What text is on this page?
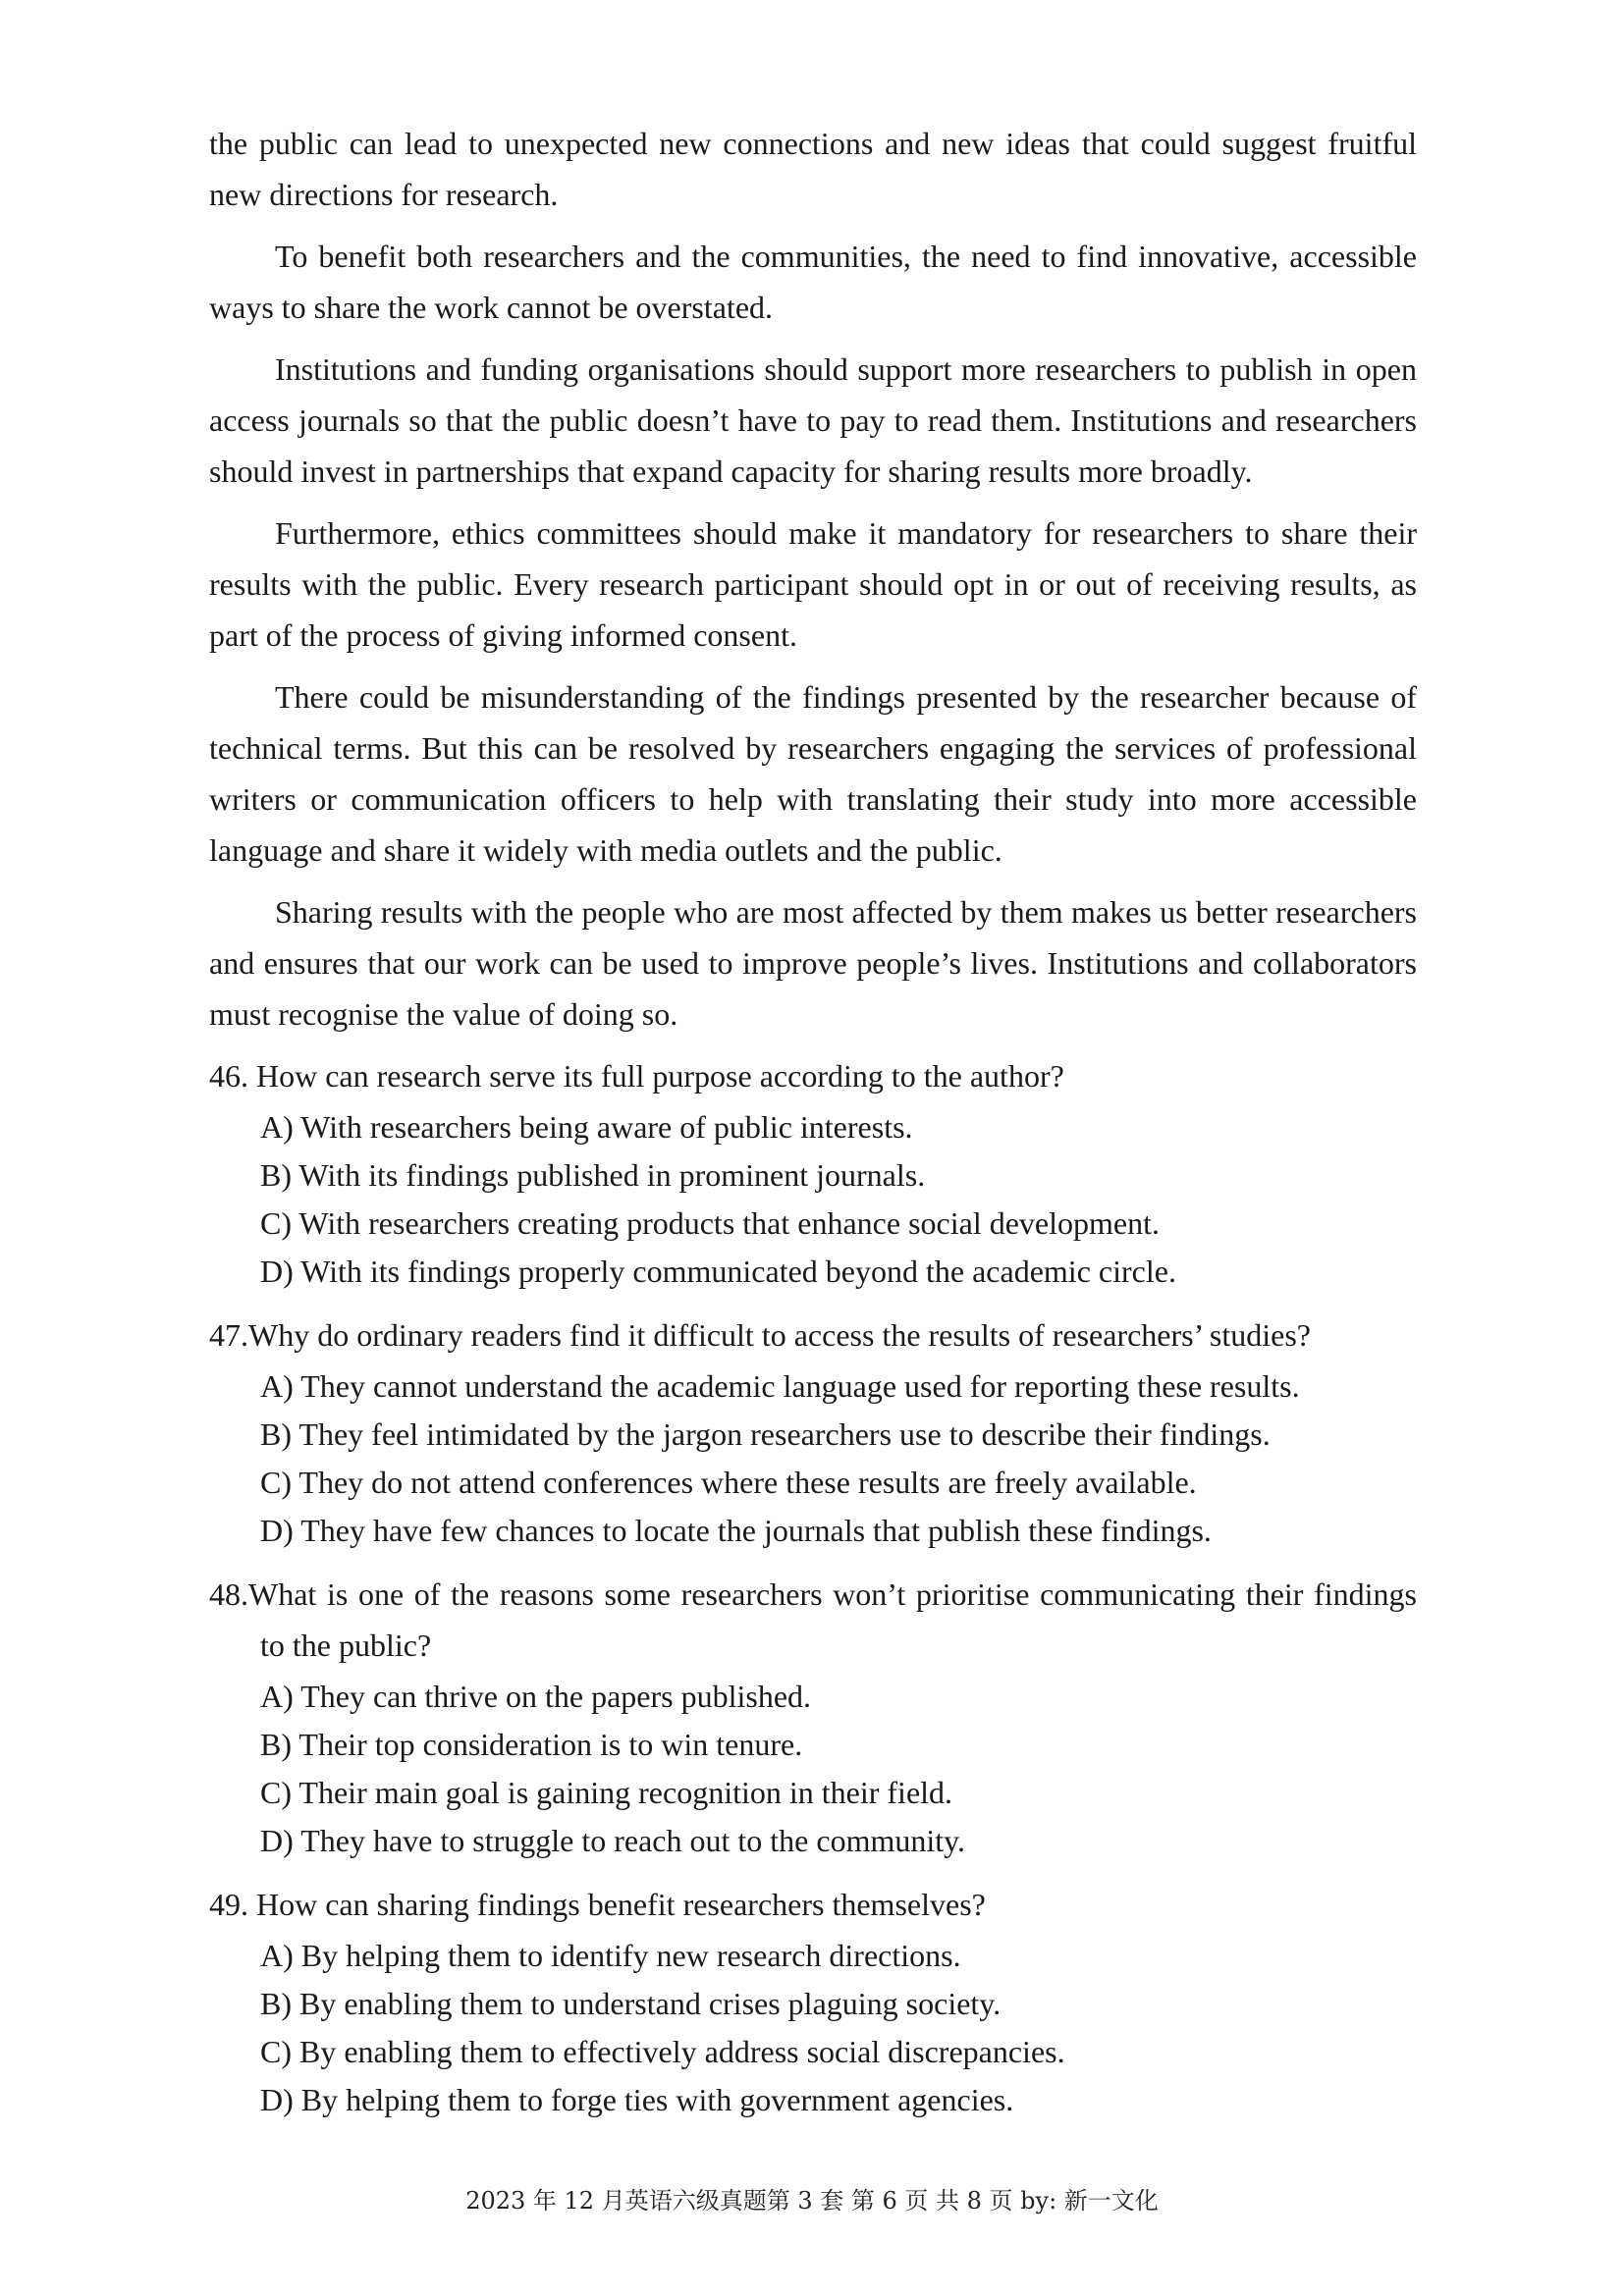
the public can lead to unexpected new connections and new ideas that could suggest fruitful new directions for research.

To benefit both researchers and the communities, the need to find innovative, accessible ways to share the work cannot be overstated.

Institutions and funding organisations should support more researchers to publish in open access journals so that the public doesn’t have to pay to read them. Institutions and researchers should invest in partnerships that expand capacity for sharing results more broadly.

Furthermore, ethics committees should make it mandatory for researchers to share their results with the public. Every research participant should opt in or out of receiving results, as part of the process of giving informed consent.

There could be misunderstanding of the findings presented by the researcher because of technical terms. But this can be resolved by researchers engaging the services of professional writers or communication officers to help with translating their study into more accessible language and share it widely with media outlets and the public.

Sharing results with the people who are most affected by them makes us better researchers and ensures that our work can be used to improve people’s lives. Institutions and collaborators must recognise the value of doing so.

46. How can research serve its full purpose according to the author?

A) With researchers being aware of public interests.

B) With its findings published in prominent journals.

C) With researchers creating products that enhance social development.

D) With its findings properly communicated beyond the academic circle.

47.Why do ordinary readers find it difficult to access the results of researchers’ studies?

A) They cannot understand the academic language used for reporting these results.

B) They feel intimidated by the jargon researchers use to describe their findings.

C) They do not attend conferences where these results are freely available.

D) They have few chances to locate the journals that publish these findings.

48.What is one of the reasons some researchers won’t prioritise communicating their findings to the public?

A) They can thrive on the papers published.

B) Their top consideration is to win tenure.

C) Their main goal is gaining recognition in their field.

D) They have to struggle to reach out to the community.

49. How can sharing findings benefit researchers themselves?

A) By helping them to identify new research directions.

B) By enabling them to understand crises plaguing society.

C) By enabling them to effectively address social discrepancies.

D) By helping them to forge ties with government agencies.

2023 年 12 月英语六级真题第 3 套 第 6 页 共 8 页 by: 新一文化
